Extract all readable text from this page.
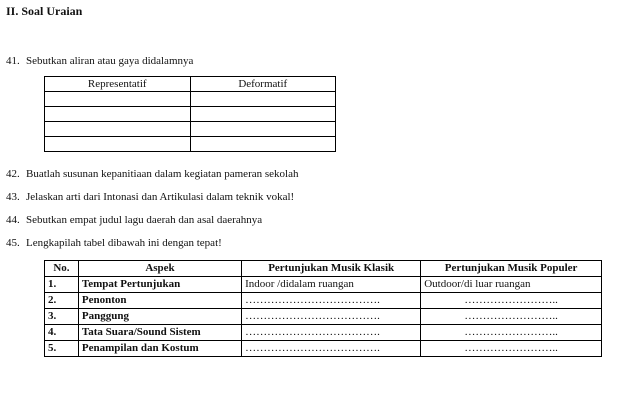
II. Soal Uraian
41. Sebutkan aliran atau gaya didalamnya
Representatif	Deformatif

42. Buatlah susunan kepanitiaan dalam kegiatan pameran sekolah
43. Jelaskan arti dari Intonasi dan Artikulasi dalam teknik vokal!
44. Sebutkan empat judul lagu daerah dan asal daerahnya
45. Lengkapilah tabel dibawah ini dengan tepat!
No.	Aspek	Pertunjukan Musik Klasik	Pertunjukan Musik Populer
1.	Tempat Pertunjukan	Indoor /didalam ruangan	Outdoor/di luar ruangan
2.	Penonton	……………………………….	……………………..
3.	Panggung	……………………………….	……………………..
4.	Tata Suara/Sound Sistem	……………………………….	……………………..
5.	Penampilan dan Kostum	……………………………….	……………………..
